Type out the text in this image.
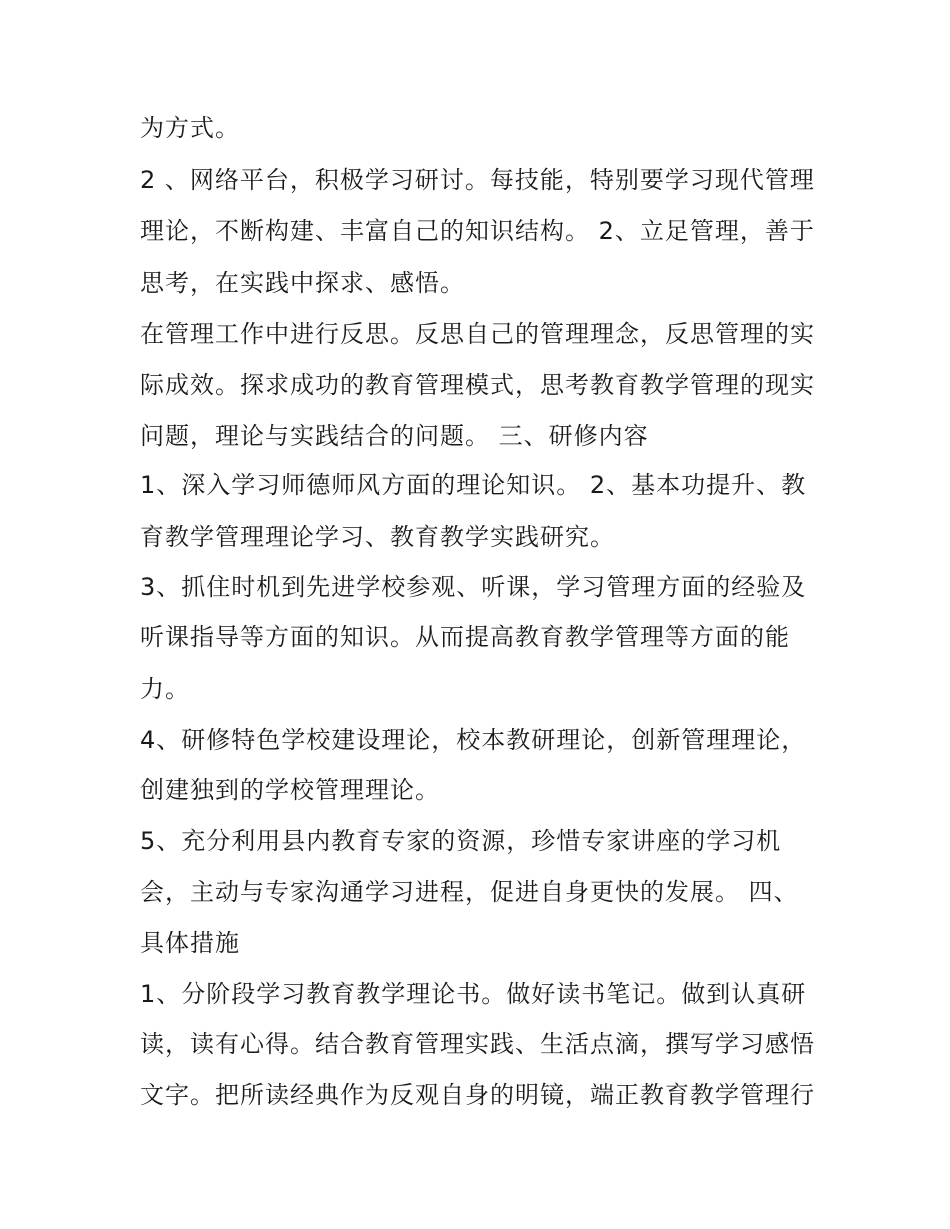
为方式。
2 、网络平台，积极学习研讨。每技能，特别要学习现代管理
理论，不断构建、丰富自己的知识结构。 2、立足管理，善于
思考，在实践中探求、感悟。
在管理工作中进行反思。反思自己的管理理念，反思管理的实
际成效。探求成功的教育管理模式，思考教育教学管理的现实
问题，理论与实践结合的问题。 三、研修内容
1、深入学习师德师风方面的理论知识。 2、基本功提升、教
育教学管理理论学习、教育教学实践研究。
3、抓住时机到先进学校参观、听课，学习管理方面的经验及
听课指导等方面的知识。从而提高教育教学管理等方面的能
力。
4、研修特色学校建设理论，校本教研理论，创新管理理论，
创建独到的学校管理理论。
5、充分利用县内教育专家的资源，珍惜专家讲座的学习机
会，主动与专家沟通学习进程，促进自身更快的发展。 四、
具体措施
1、分阶段学习教育教学理论书。做好读书笔记。做到认真研
读，读有心得。结合教育管理实践、生活点滴，撰写学习感悟
文字。把所读经典作为反观自身的明镜，端正教育教学管理行
